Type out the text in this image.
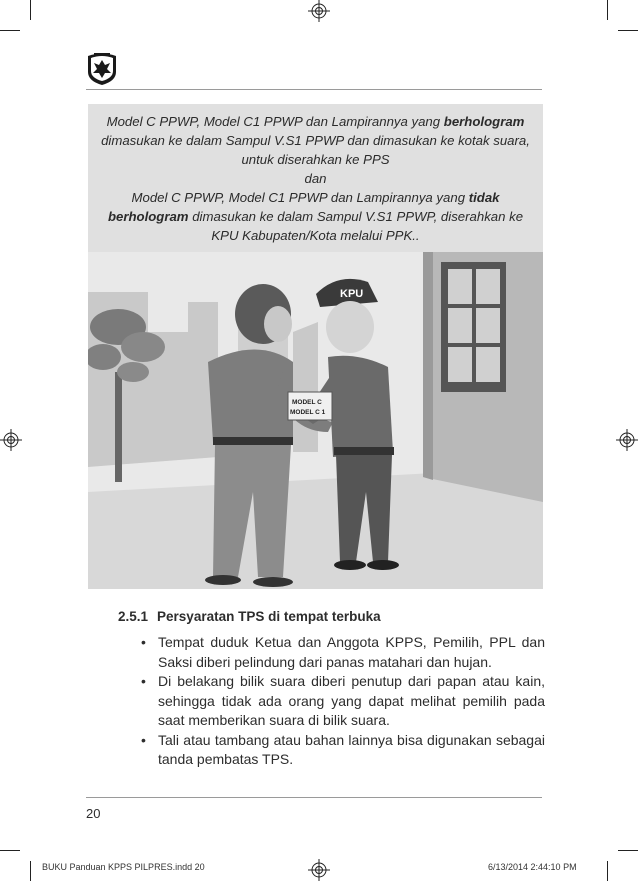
Model C PPWP, Model C1 PPWP dan Lampirannya yang berhologram dimasukan ke dalam Sampul V.S1 PPWP dan dimasukan ke kotak suara, untuk diserahkan ke PPS

dan

Model C PPWP, Model C1 PPWP dan Lampirannya yang tidak berhologram dimasukan ke dalam Sampul V.S1 PPWP, diserahkan ke KPU Kabupaten/Kota melalui PPK..

KPU
MODEL C
MODEL C 1
2.5.1 Persyaratan TPS di tempat terbuka
• Tempat duduk Ketua dan Anggota KPPS, Pemilih, PPL dan Saksi diberi pelindung dari panas matahari dan hujan.
• Di belakang bilik suara diberi penutup dari papan atau kain, sehingga tidak ada orang yang dapat melihat pemilih pada saat memberikan suara di bilik suara.
• Tali atau tambang atau bahan lainnya bisa digunakan sebagai tanda pembatas TPS.
20
BUKU Panduan KPPS PILPRES.indd 20	6/13/2014 2:44:10 PM
